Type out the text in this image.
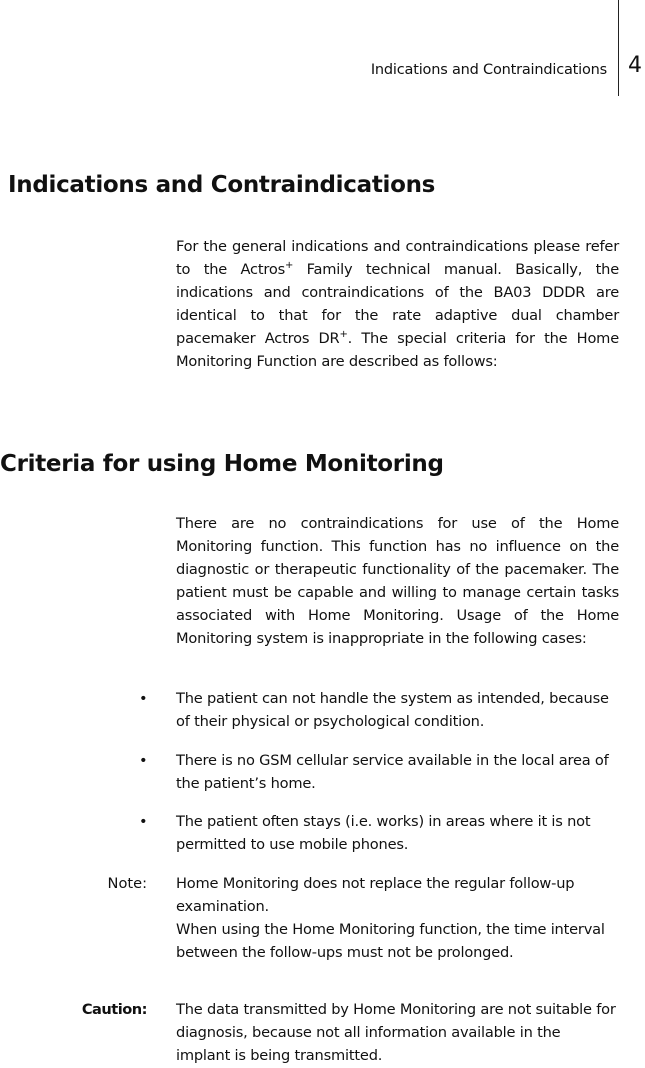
Indications and Contraindications 4
Indications and Contraindications

For the general indications and contraindications please refer to the Actros+ Family technical manual. Basically, the indications and contraindications of the BA03 DDDR are identical to that for the rate adaptive dual chamber pacemaker Actros DR+. The special criteria for the Home Monitoring Function are described as follows:

Criteria for using Home Monitoring

There are no contraindications for use of the Home Monitoring function. This function has no influence on the diagnostic or therapeutic functionality of the pacemaker. The patient must be capable and willing to manage certain tasks associated with Home Monitoring. Usage of the Home Monitoring system is inappropriate in the following cases:

• The patient can not handle the system as intended, because of their physical or psychological condition.
• There is no GSM cellular service available in the local area of the patient’s home.
• The patient often stays (i.e. works) in areas where it is not permitted to use mobile phones.
Note: Home Monitoring does not replace the regular follow-up examination.
When using the Home Monitoring function, the time interval between the follow-ups must not be prolonged.
Caution: The data transmitted by Home Monitoring are not suitable for diagnosis, because not all information available in the implant is being transmitted.
